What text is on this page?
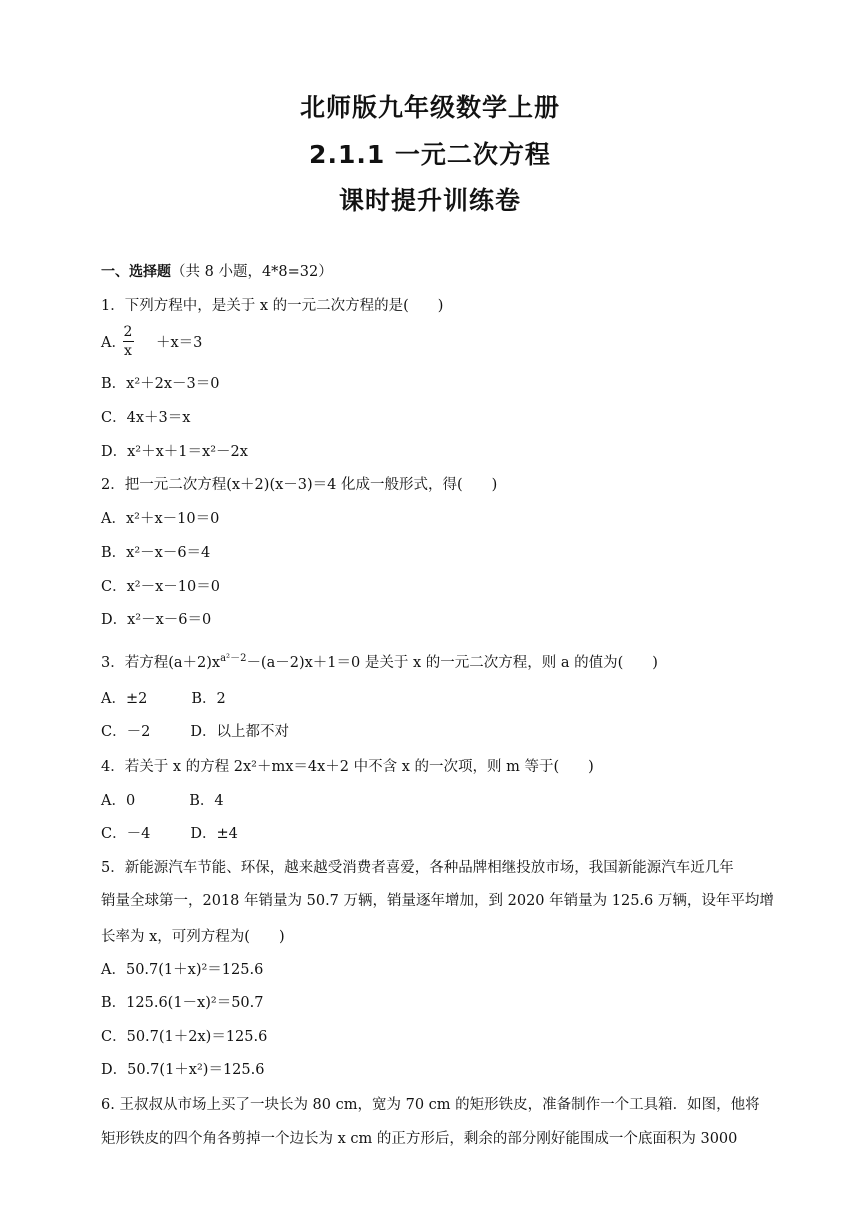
北师版九年级数学上册
2.1.1 一元二次方程
课时提升训练卷
一、选择题（共 8 小题，4*8=32）
1．下列方程中，是关于 x 的一元二次方程的是(　　)
A． ＋x＝3
2
x
B．x²＋2x－3＝0
C．4x＋3＝x
D．x²＋x＋1＝x²－2x
2．把一元二次方程(x＋2)(x－3)＝4 化成一般形式，得(　　)
A．x²＋x－10＝0
B．x²－x－6＝4
C．x²－x－10＝0
D．x²－x－6＝0
3．若方程$(a+2)x^{a^2-2}-(a-2)x+1=0$ 是关于 x 的一元二次方程，则 a 的值为(　　)
A．±2	B．2
C．－2	D．以上都不对
4．若关于 x 的方程 2x²＋mx＝4x＋2 中不含 x 的一次项，则 m 等于(　　)
A．0	B．4
C．－4	D．±4
5．新能源汽车节能、环保，越来越受消费者喜爱，各种品牌相继投放市场，我国新能源汽车近几年
销量全球第一，2018 年销量为 50.7 万辆，销量逐年增加，到 2020 年销量为 125.6 万辆，设年平均增
长率为 x，可列方程为(　　)
A．50.7(1＋x)²＝125.6
B．125.6(1－x)²＝50.7
C．50.7(1＋2x)＝125.6
D．50.7(1＋x²)＝125.6
6. 王叔叔从市场上买了一块长为 80 cm，宽为 70 cm 的矩形铁皮，准备制作一个工具箱．如图，他将
矩形铁皮的四个角各剪掉一个边长为 x cm 的正方形后，剩余的部分刚好能围成一个底面积为 3000
